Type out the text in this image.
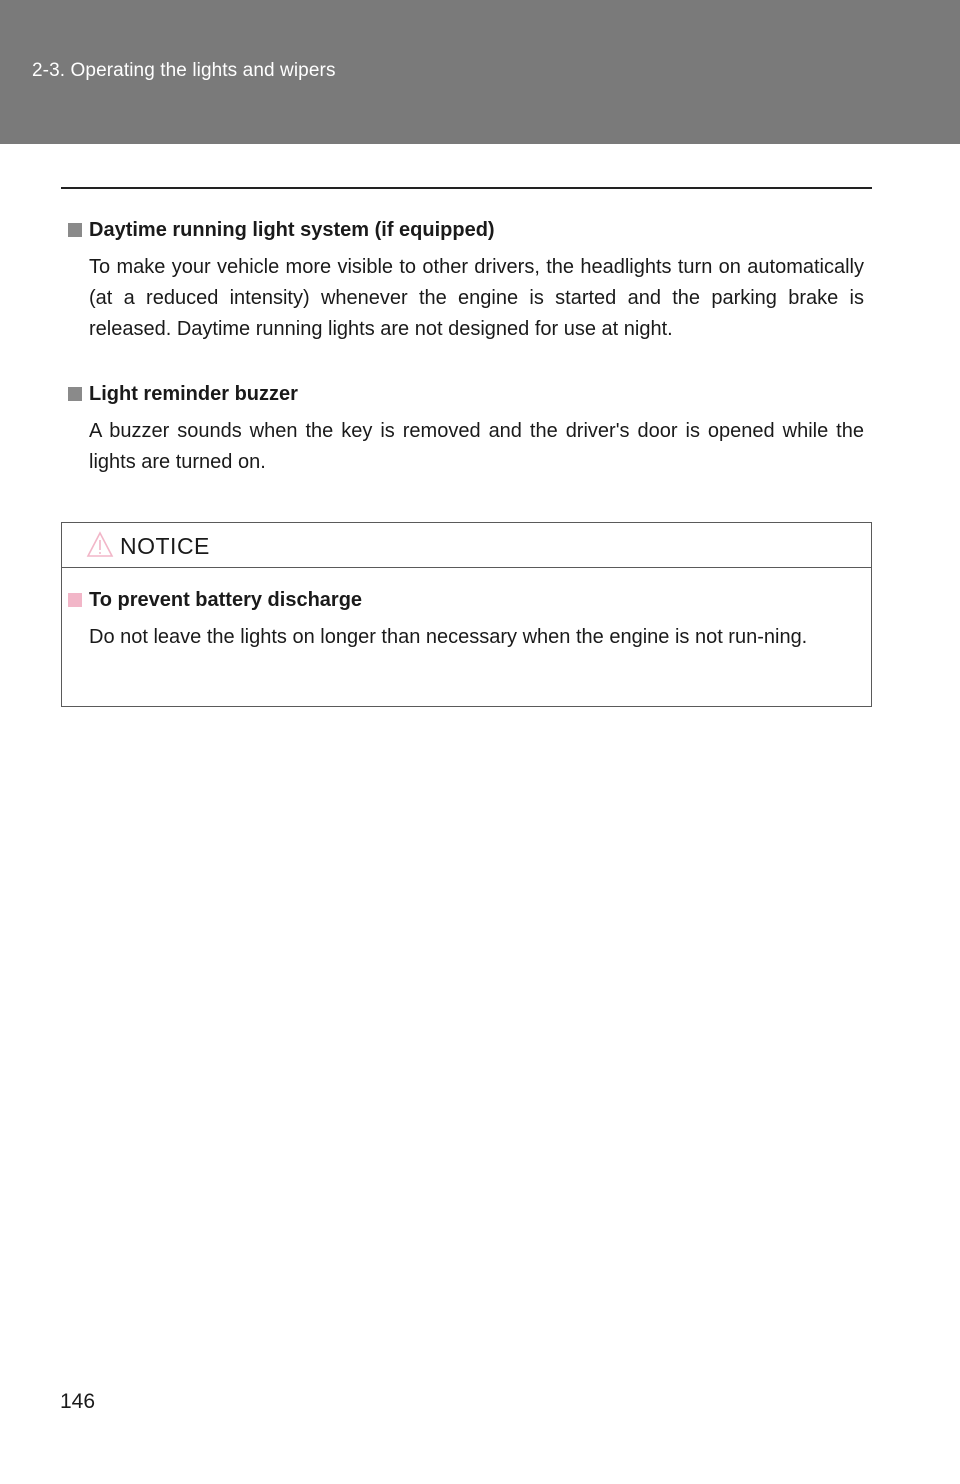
2-3. Operating the lights and wipers
Daytime running light system (if equipped)
To make your vehicle more visible to other drivers, the headlights turn on automatically (at a reduced intensity) whenever the engine is started and the parking brake is released. Daytime running lights are not designed for use at night.
Light reminder buzzer
A buzzer sounds when the key is removed and the driver's door is opened while the lights are turned on.
NOTICE
To prevent battery discharge
Do not leave the lights on longer than necessary when the engine is not run-ning.
146
